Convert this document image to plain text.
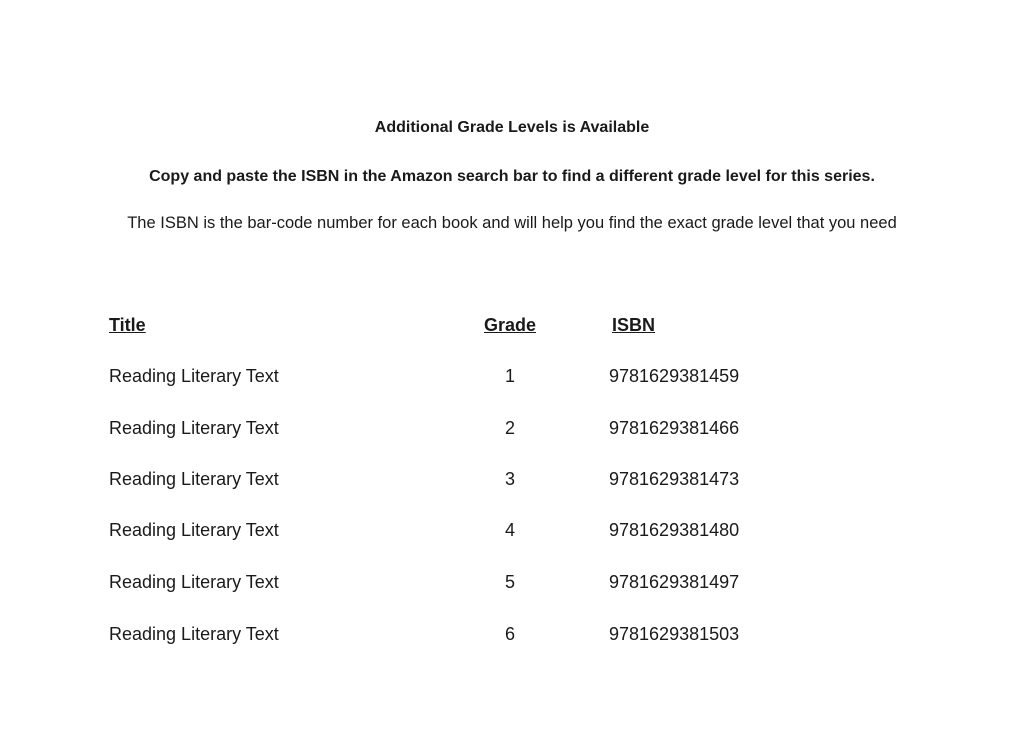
Additional Grade Levels is Available
Copy and paste the ISBN in the Amazon search bar to find a different grade level for this series.
The ISBN is the bar-code number for each book and will help you find the exact grade level that you need
Title	Grade	ISBN
Reading Literary Text	1	9781629381459
Reading Literary Text	2	9781629381466
Reading Literary Text	3	9781629381473
Reading Literary Text	4	9781629381480
Reading Literary Text	5	9781629381497
Reading Literary Text	6	9781629381503
